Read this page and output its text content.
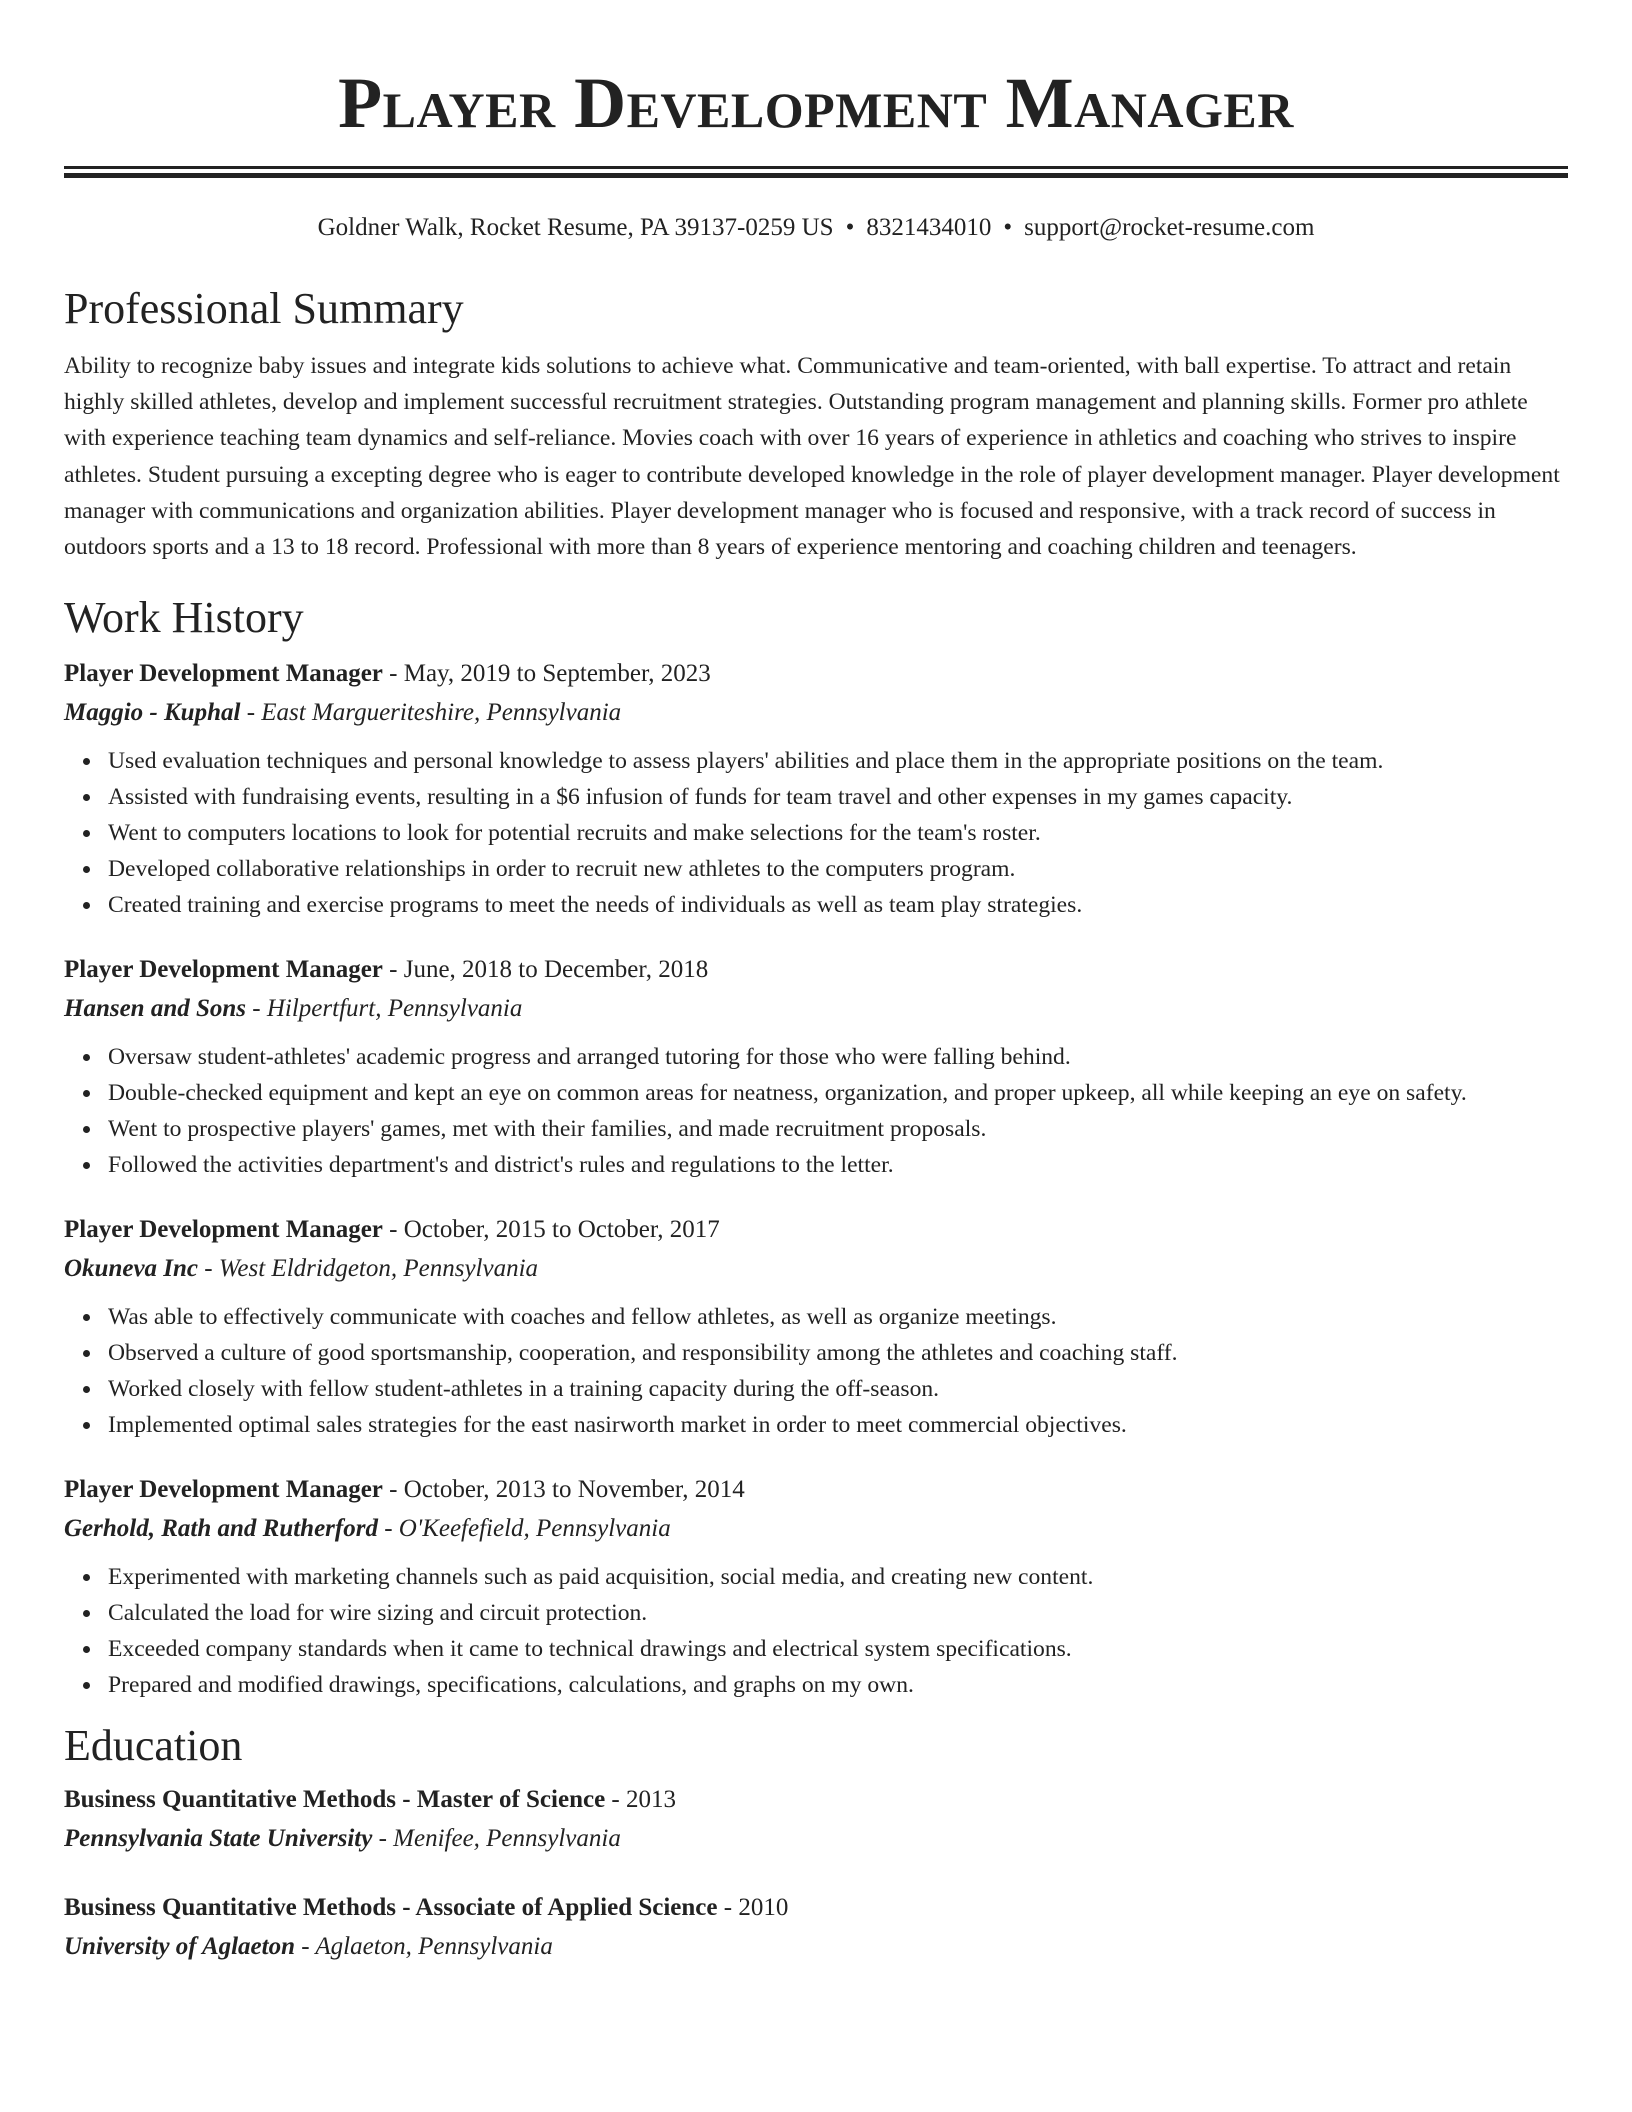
Player Development Manager
Goldner Walk, Rocket Resume, PA 39137-0259 US • 8321434010 • support@rocket-resume.com
Professional Summary

Ability to recognize baby issues and integrate kids solutions to achieve what. Communicative and team-oriented, with ball expertise. To attract and retain highly skilled athletes, develop and implement successful recruitment strategies. Outstanding program management and planning skills. Former pro athlete with experience teaching team dynamics and self-reliance. Movies coach with over 16 years of experience in athletics and coaching who strives to inspire athletes. Student pursuing a excepting degree who is eager to contribute developed knowledge in the role of player development manager. Player development manager with communications and organization abilities. Player development manager who is focused and responsive, with a track record of success in outdoors sports and a 13 to 18 record. Professional with more than 8 years of experience mentoring and coaching children and teenagers.

Work History
Player Development Manager - May, 2019 to September, 2023
Maggio - Kuphal - East Margueriteshire, Pennsylvania
Used evaluation techniques and personal knowledge to assess players' abilities and place them in the appropriate positions on the team.
Assisted with fundraising events, resulting in a $6 infusion of funds for team travel and other expenses in my games capacity.
Went to computers locations to look for potential recruits and make selections for the team's roster.
Developed collaborative relationships in order to recruit new athletes to the computers program.
Created training and exercise programs to meet the needs of individuals as well as team play strategies.
Player Development Manager - June, 2018 to December, 2018
Hansen and Sons - Hilpertfurt, Pennsylvania
Oversaw student-athletes' academic progress and arranged tutoring for those who were falling behind.
Double-checked equipment and kept an eye on common areas for neatness, organization, and proper upkeep, all while keeping an eye on safety.
Went to prospective players' games, met with their families, and made recruitment proposals.
Followed the activities department's and district's rules and regulations to the letter.
Player Development Manager - October, 2015 to October, 2017
Okuneva Inc - West Eldridgeton, Pennsylvania
Was able to effectively communicate with coaches and fellow athletes, as well as organize meetings.
Observed a culture of good sportsmanship, cooperation, and responsibility among the athletes and coaching staff.
Worked closely with fellow student-athletes in a training capacity during the off-season.
Implemented optimal sales strategies for the east nasirworth market in order to meet commercial objectives.
Player Development Manager - October, 2013 to November, 2014
Gerhold, Rath and Rutherford - O'Keefefield, Pennsylvania
Experimented with marketing channels such as paid acquisition, social media, and creating new content.
Calculated the load for wire sizing and circuit protection.
Exceeded company standards when it came to technical drawings and electrical system specifications.
Prepared and modified drawings, specifications, calculations, and graphs on my own.
Education
Business Quantitative Methods - Master of Science - 2013
Pennsylvania State University - Menifee, Pennsylvania
Business Quantitative Methods - Associate of Applied Science - 2010
University of Aglaeton - Aglaeton, Pennsylvania
